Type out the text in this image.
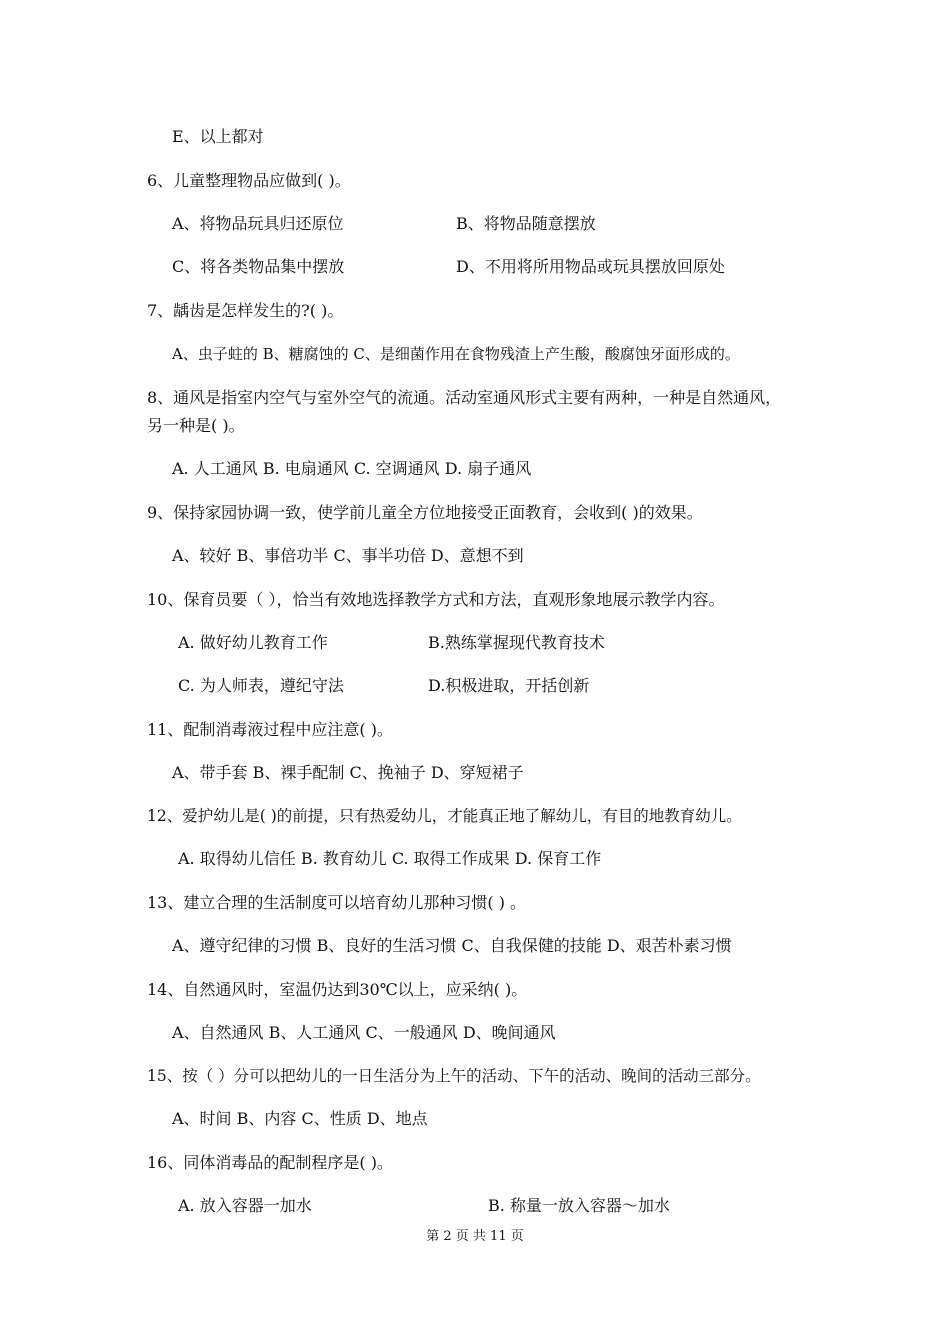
E、以上都对
6、儿童整理物品应做到( )。
A、将物品玩具归还原位	B、将物品随意摆放
C、将各类物品集中摆放	D、不用将所用物品或玩具摆放回原处
7、龋齿是怎样发生的?( )。
A、虫子蛀的 B、糖腐蚀的 C、是细菌作用在食物残渣上产生酸，酸腐蚀牙面形成的。
8、通风是指室内空气与室外空气的流通。活动室通风形式主要有两种，一种是自然通风，
另一种是( )。
A. 人工通风 B. 电扇通风 C. 空调通风 D. 扇子通风
9、保持家园协调一致，使学前儿童全方位地接受正面教育，会收到( )的效果。
A、较好 B、事倍功半 C、事半功倍 D、意想不到
10、保育员要（ ），恰当有效地选择教学方式和方法，直观形象地展示教学内容。
A. 做好幼儿教育工作	B.熟练掌握现代教育技术
C. 为人师表，遵纪守法	D.积极进取，开括创新
11、配制消毒液过程中应注意( )。
A、带手套 B、裸手配制 C、挽袖子 D、穿短裙子
12、爱护幼儿是( )的前提，只有热爱幼儿，才能真正地了解幼儿，有目的地教育幼儿。
A. 取得幼儿信任 B. 教育幼儿 C. 取得工作成果 D. 保育工作
13、建立合理的生活制度可以培育幼儿那种习惯( ) 。
A、遵守纪律的习惯 B、良好的生活习惯 C、自我保健的技能 D、艰苦朴素习惯
14、自然通风时，室温仍达到30℃以上，应采纳( )。
A、自然通风 B、人工通风 C、一般通风 D、晚间通风
15、按（ ）分可以把幼儿的一日生活分为上午的活动、下午的活动、晚间的活动三部分。
A、时间 B、内容 C、性质 D、地点
16、同体消毒品的配制程序是( )。
A. 放入容器一加水	B. 称量一放入容器～加水
第 2 页 共 11 页
